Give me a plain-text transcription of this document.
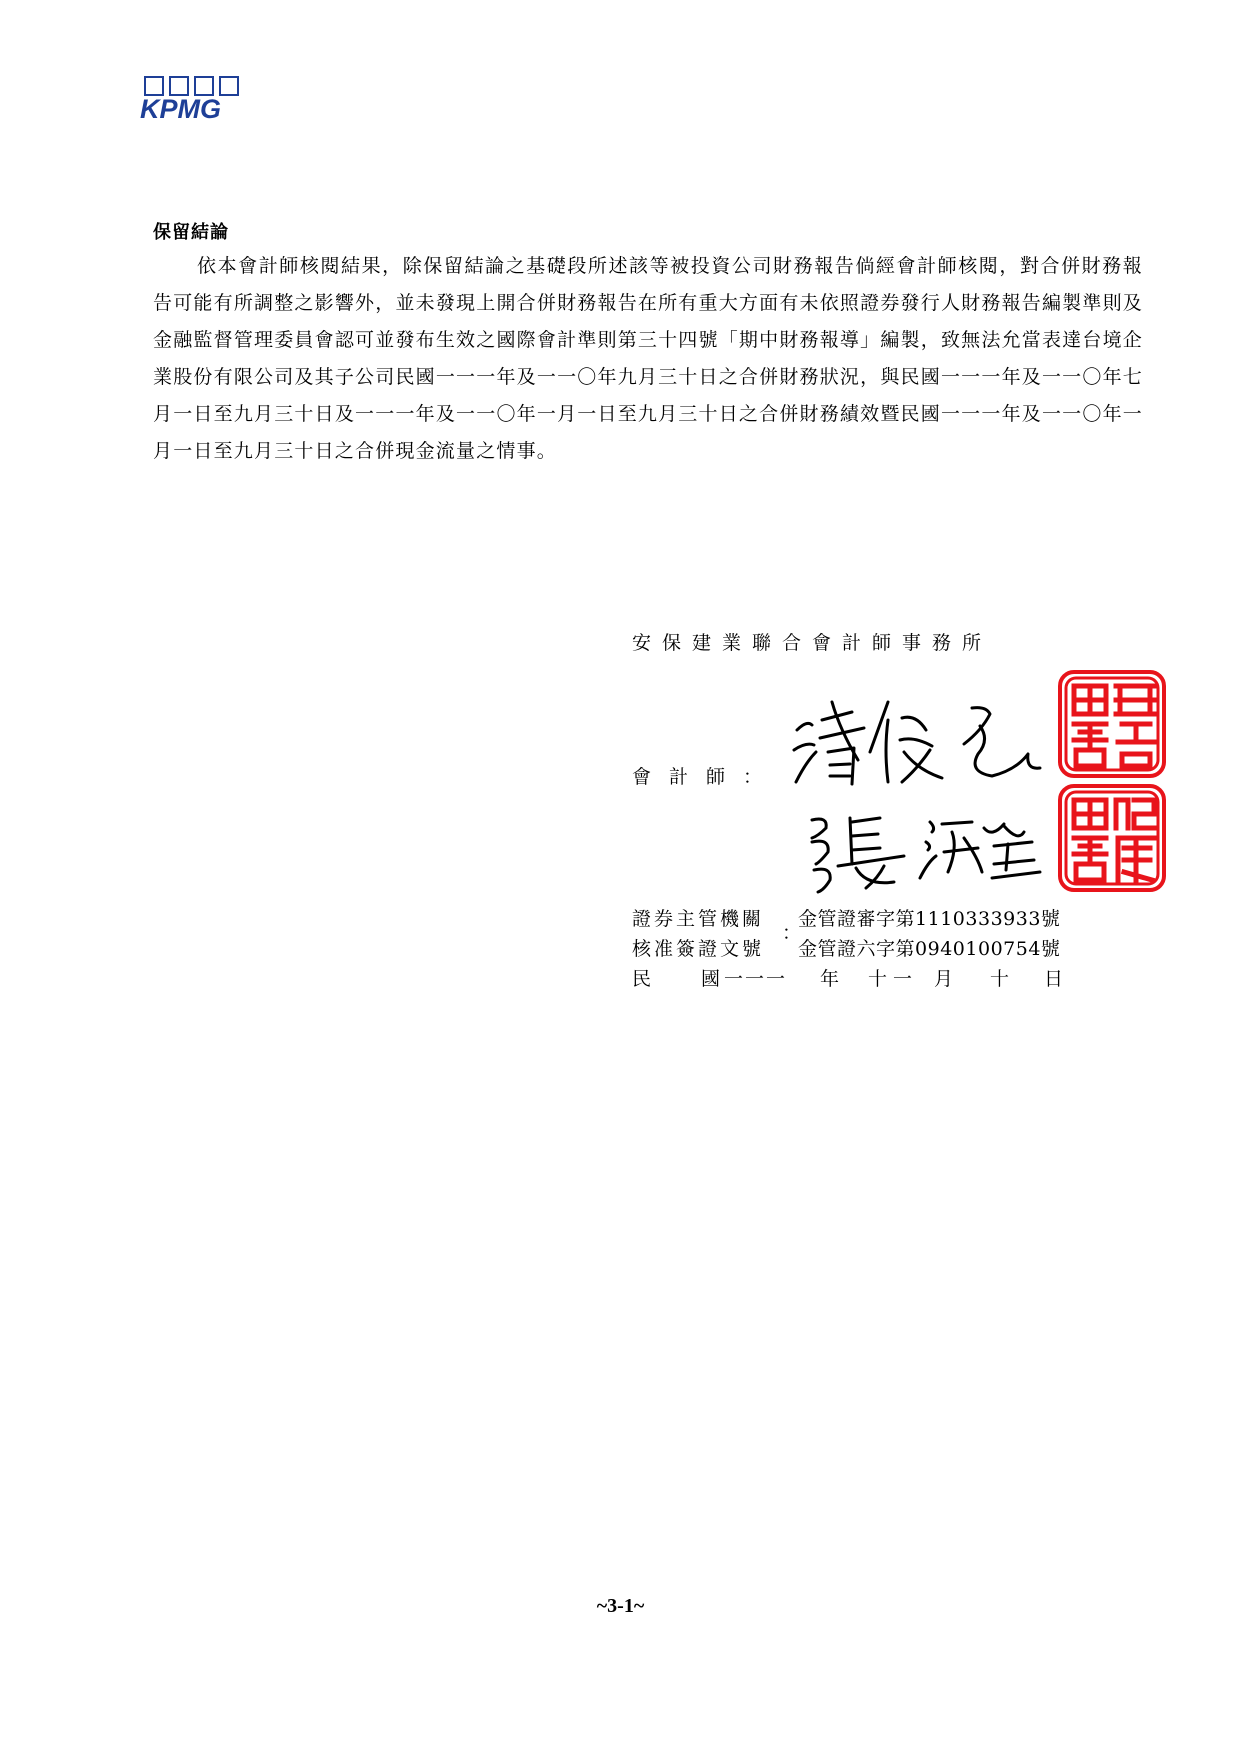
KPMG
保留結論

依本會計師核閱結果，除保留結論之基礎段所述該等被投資公司財務報告倘經會計師核閱，對合併財務報告可能有所調整之影響外，並未發現上開合併財務報告在所有重大方面有未依照證券發行人財務報告編製準則及金融監督管理委員會認可並發布生效之國際會計準則第三十四號「期中財務報導」編製，致無法允當表達台境企業股份有限公司及其子公司民國一一一年及一一〇年九月三十日之合併財務狀況，與民國一一一年及一一〇年七月一日至九月三十日及一一一年及一一〇年一月一日至九月三十日之合併財務績效暨民國一一一年及一一〇年一月一日至九月三十日之合併現金流量之情事。

安保建業聯合會計師事務所
會計師：
證券主管機關 金管證審字第1110333933號
核准簽證文號 金管證六字第0940100754號
：
民 國
一一一 年 十一 月 十 日
~3-1~
